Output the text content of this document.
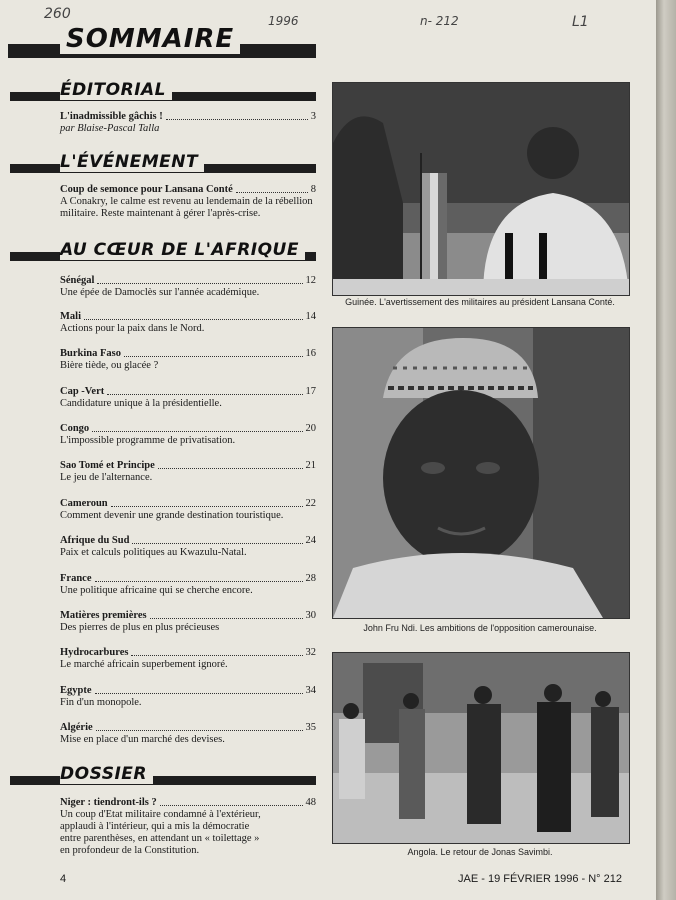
260	1996	n- 212	L1
SOMMAIRE
ÉDITORIAL
L'inadmissible gâchis !	3
par Blaise-Pascal Talla
L'ÉVÉNEMENT
Coup de semonce pour Lansana Conté	8
A Conakry, le calme est revenu au lendemain de la rébellion militaire. Reste maintenant à gérer l'après-crise.
AU CŒUR DE L'AFRIQUE
Sénégal	12
Une épée de Damoclès sur l'année académique.
Mali	14
Actions pour la paix dans le Nord.
Burkina Faso	16
Bière tiède, ou glacée ?
Cap -Vert	17
Candidature unique à la présidentielle.
Congo	20
L'impossible programme de privatisation.
Sao Tomé et Principe	21
Le jeu de l'alternance.
Cameroun	22
Comment devenir une grande destination touristique.
Afrique du Sud	24
Paix et calculs politiques au Kwazulu-Natal.
France	28
Une politique africaine qui se cherche encore.
Matières premières	30
Des pierres de plus en plus précieuses
Hydrocarbures	32
Le marché africain superbement ignoré.
Egypte	34
Fin d'un monopole.
Algérie	35
Mise en place d'un marché des devises.
DOSSIER
Niger : tiendront-ils ?	48
Un coup d'Etat militaire condamné à l'extérieur, applaudi à l'intérieur, qui a mis la démocratie entre parenthèses, en attendant un « toilettage » en profondeur de la Constitution.
Guinée. L'avertissement des militaires au président Lansana Conté.
John Fru Ndi. Les ambitions de l'opposition camerounaise.
Angola. Le retour de Jonas Savimbi.
4	JAE - 19 FÉVRIER 1996 - N° 212
